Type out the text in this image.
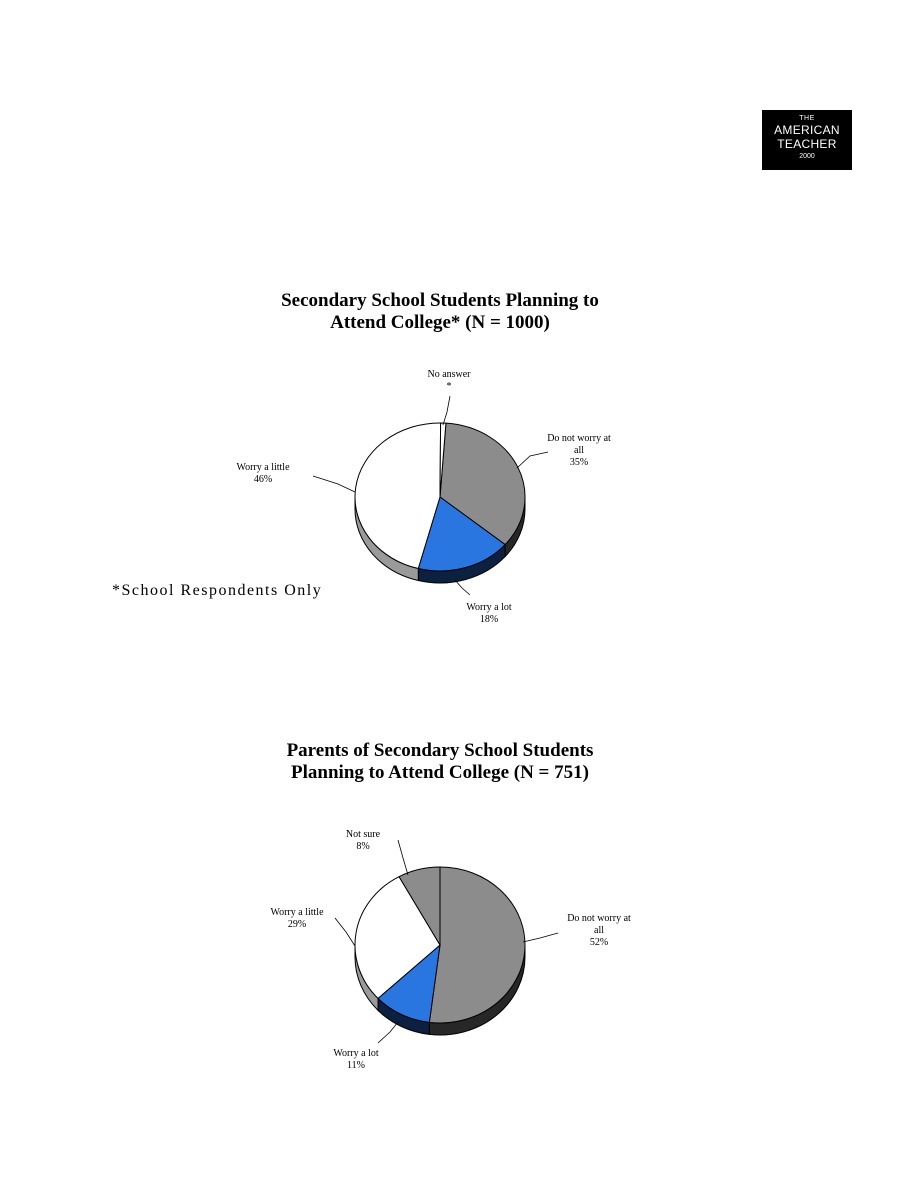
THE
AMERICAN
TEACHER
2000
Secondary School Students Planning to
Attend College* (N = 1000)
Parents of Secondary School Students
Planning to Attend College (N = 751)
Do not worry at
all
35%
Worry a lot
18%
Worry a little
46%
No answer
*
Do not worry at
all
52%
Worry a lot
11%
Worry a little
29%
Not sure
8%
*School Respondents Only
